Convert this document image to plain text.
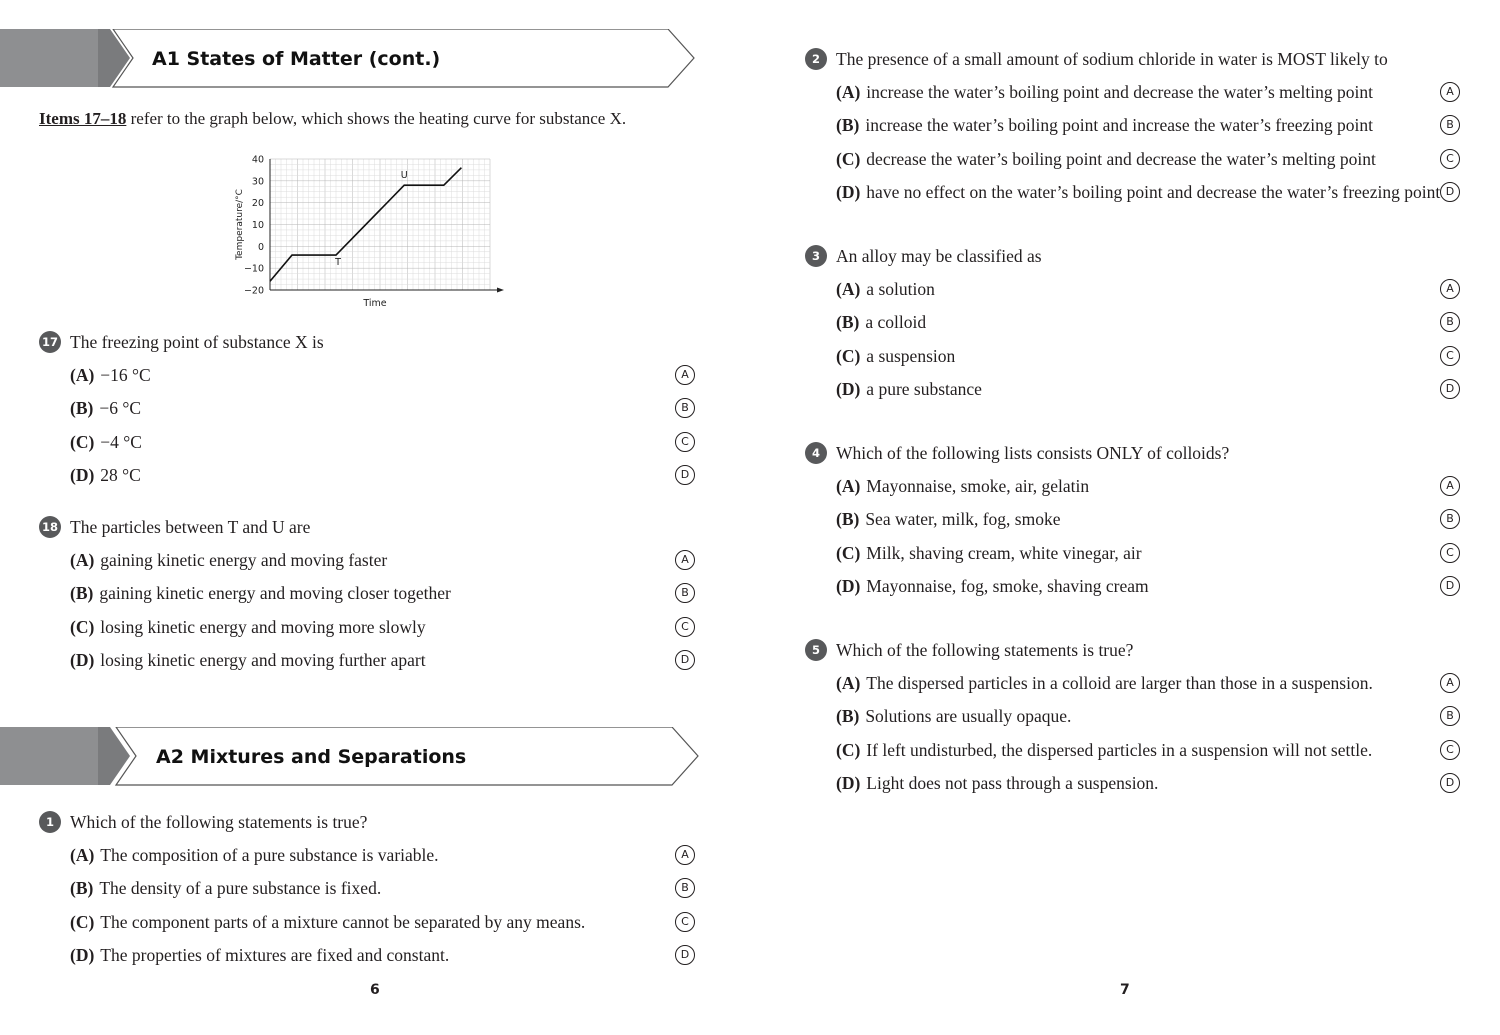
A1 States of Matter (cont.)
Items 17–18 refer to the graph below, which shows the heating curve for substance X.
40
30
20
10
0
−10
−20
Temperature/°C
Time
T
U
17 The freezing point of substance X is
(A) −16 °C	A
(B) −6 °C	B
(C) −4 °C	C
(D) 28 °C	D
18 The particles between T and U are
(A) gaining kinetic energy and moving faster	A
(B) gaining kinetic energy and moving closer together	B
(C) losing kinetic energy and moving more slowly	C
(D) losing kinetic energy and moving further apart	D
A2 Mixtures and Separations
1 Which of the following statements is true?
(A) The composition of a pure substance is variable.	A
(B) The density of a pure substance is fixed.	B
(C) The component parts of a mixture cannot be separated by any means.	C
(D) The properties of mixtures are fixed and constant.	D
6
2 The presence of a small amount of sodium chloride in water is MOST likely to
(A) increase the water’s boiling point and decrease the water’s melting point	A
(B) increase the water’s boiling point and increase the water’s freezing point	B
(C) decrease the water’s boiling point and decrease the water’s melting point	C
(D) have no effect on the water’s boiling point and decrease the water’s freezing point D
3 An alloy may be classified as
(A) a solution	A
(B) a colloid	B
(C) a suspension	C
(D) a pure substance	D
4 Which of the following lists consists ONLY of colloids?
(A) Mayonnaise, smoke, air, gelatin	A
(B) Sea water, milk, fog, smoke	B
(C) Milk, shaving cream, white vinegar, air	C
(D) Mayonnaise, fog, smoke, shaving cream	D
5 Which of the following statements is true?
(A) The dispersed particles in a colloid are larger than those in a suspension.	A
(B) Solutions are usually opaque.	B
(C) If left undisturbed, the dispersed particles in a suspension will not settle.	C
(D) Light does not pass through a suspension.	D
7
